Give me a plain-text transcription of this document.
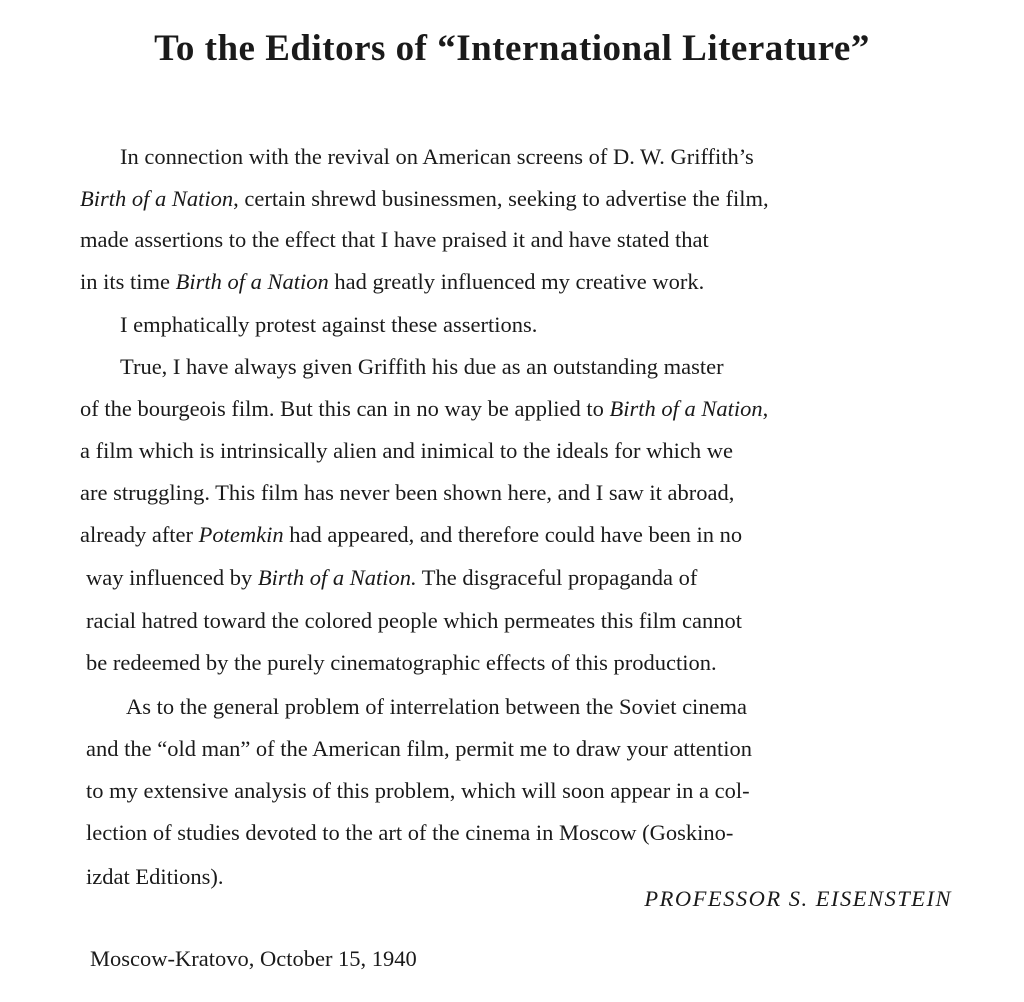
To the Editors of “International Literature”
In connection with the revival on American screens of D. W. Griffith’s
Birth of a Nation, certain shrewd businessmen, seeking to advertise the film,
made assertions to the effect that I have praised it and have stated that
in its time Birth of a Nation had greatly influenced my creative work.
I emphatically protest against these assertions.
True, I have always given Griffith his due as an outstanding master
of the bourgeois film. But this can in no way be applied to Birth of a Nation,
a film which is intrinsically alien and inimical to the ideals for which we
are struggling. This film has never been shown here, and I saw it abroad,
already after Potemkin had appeared, and therefore could have been in no
way influenced by Birth of a Nation. The disgraceful propaganda of
racial hatred toward the colored people which permeates this film cannot
be redeemed by the purely cinematographic effects of this production.
As to the general problem of interrelation between the Soviet cinema
and the “old man” of the American film, permit me to draw your attention
to my extensive analysis of this problem, which will soon appear in a col-
lection of studies devoted to the art of the cinema in Moscow (Goskino-
izdat Editions).
PROFESSOR S. EISENSTEIN
Moscow-Kratovo, October 15, 1940
